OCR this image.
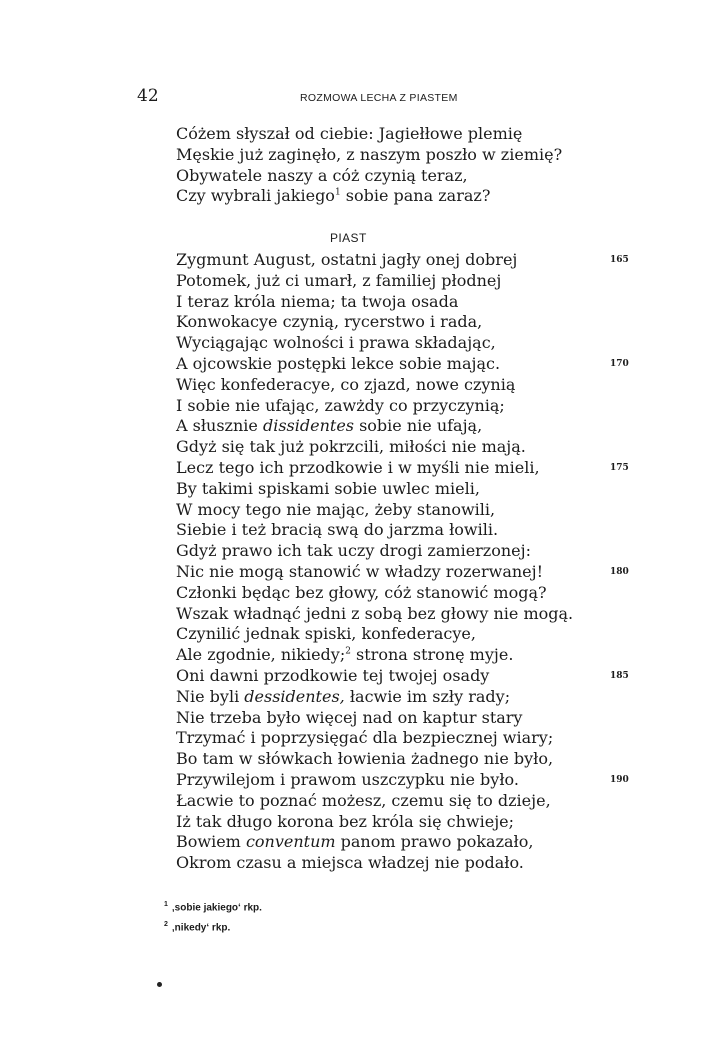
42	ROZMOWA LECHA Z PIASTEM
Cóżem słyszał od ciebie: Jagiełłowe plemię
Męskie już zaginęło, z naszym poszło w ziemię?
Obywatele naszy a cóż czynią teraz,
Czy wybrali jakiego$^1$ sobie pana zaraz?
PIAST
Zygmunt August, ostatni jagły onej dobrej	165
Potomek, już ci umarł, z familiej płodnej
I teraz króla niema; ta twoja osada
Konwokacye czynią, rycerstwo i rada,
Wyciągając wolności i prawa składając,
A ojcowskie postępki lekce sobie mając.	170
Więc konfederacye, co zjazd, nowe czynią
I sobie nie ufając, zawżdy co przyczynią;
A słusznie dissidentes sobie nie ufają,
Gdyż się tak już pokrzcili, miłości nie mają.
Lecz tego ich przodkowie i w myśli nie mieli,	175
By takimi spiskami sobie uwlec mieli,
W mocy tego nie mając, żeby stanowili,
Siebie i też bracią swą do jarzma łowili.
Gdyż prawo ich tak uczy drogi zamierzonej:
Nic nie mogą stanowić w władzy rozerwanej!	180
Członki będąc bez głowy, cóż stanowić mogą?
Wszak władnąć jedni z sobą bez głowy nie mogą.
Czynilić jednak spiski, konfederacye,
Ale zgodnie, nikiedy;$^2$ strona stronę myje.
Oni dawni przodkowie tej twojej osady	185
Nie byli dessidentes, łacwie im szły rady;
Nie trzeba było więcej nad on kaptur stary
Trzymać i poprzysięgać dla bezpiecznej wiary;
Bo tam w słówkach łowienia żadnego nie było,
Przywilejom i prawom uszczypku nie było.	190
Łacwie to poznać możesz, czemu się to dzieje,
Iż tak długo korona bez króla się chwieje;
Bowiem conventum panom prawo pokazało,
Okrom czasu a miejsca władzej nie podało.
$^1$ ‚sobie jakiego‘ rkp.
$^2$ ‚nikedy‘ rkp.
